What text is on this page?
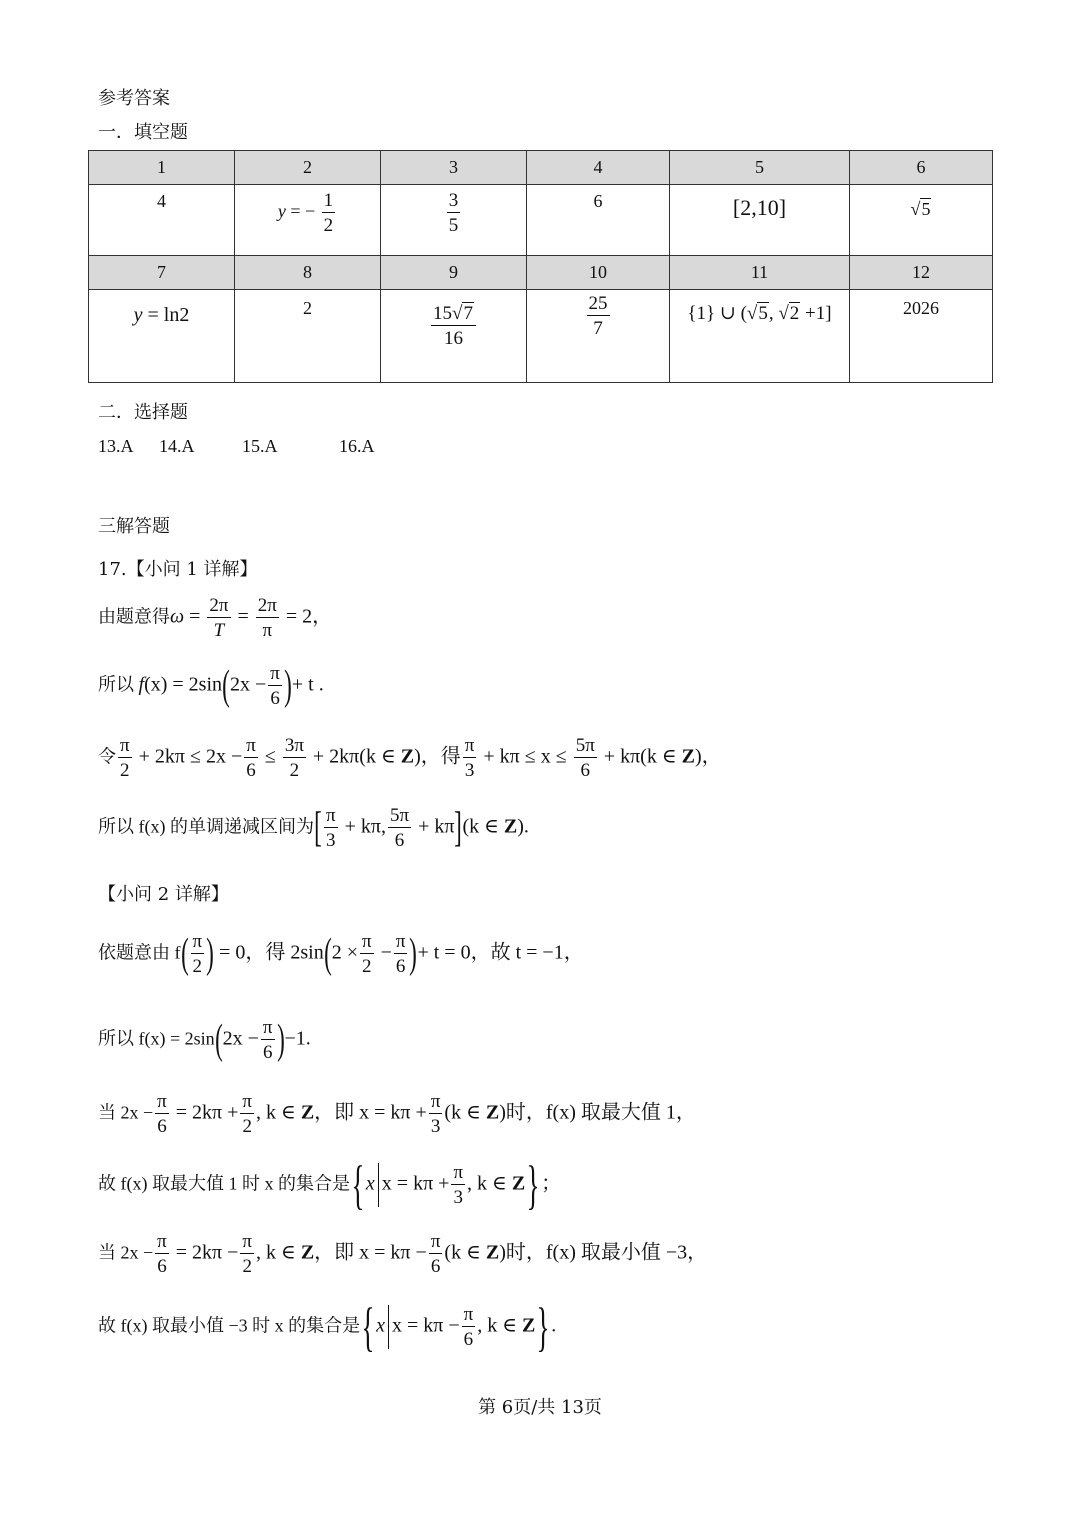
参考答案
一．填空题
1	2	3	4	5	6
4	y = − $\frac{1}{2}$	$\frac{3}{5}$	6	[2,10]	√5
7	8	9	10	11	12
y = ln2	2	$\frac{15√7}{16}$	$\frac{25}{7}$	{1} ∪ (√5, √2 +1]	2026
二．选择题
13.A 14.A	15.A	16.A
三解答题
17.【小问 1 详解】
由题意得$\omega = \frac{2\pi}{T} = \frac{2\pi}{\pi} = 2$，
所以 $f(x) = 2\sin(2x - \frac{\pi}{6}$ )+ t .
令 $\frac{\pi}{2} + 2k\pi \le 2x - \frac{\pi}{6} \le \frac{3\pi}{2} + 2k\pi(k$ ∈ Z)，得 $\frac{\pi}{3} + k\pi \le x \le \frac{5\pi}{6} + k\pi(k$ ∈ Z)，
所以 f(x) 的单调递减区间为[ $\frac{\pi}{3} + k\pi$, $\frac{5\pi}{6} + k\pi](k$ ∈ Z).
【小问 2 详解】
依题意由 $f( \frac{\pi}{2}$ ) = 0，得 $2\sin(2 \times \frac{\pi}{2} - \frac{\pi}{6}$ )+ t = 0，故 t = −1，
所以 $f(x) = 2\sin(2x - \frac{\pi}{6} )-1$.
当 $2x - \frac{\pi}{6} = 2k\pi + \frac{\pi}{2}$ , k ∈ Z，即 $x = k\pi + \frac{\pi}{3} (k$ ∈ Z)时，f(x) 取最大值 1，
故 f(x) 取最大值 1 时 x 的集合是{x $x = k\pi + \frac{\pi}{3}$ , k ∈ Z}；
当 $2x - \frac{\pi}{6} = 2k\pi - \frac{\pi}{2}$ , k ∈ Z，即 $x = k\pi - \frac{\pi}{6} (k$ ∈ Z)时，f(x) 取最小值 −3，
故 f(x) 取最小值 −3 时 x 的集合是{x $x = k\pi - \frac{\pi}{6}$ , k ∈ Z}.
第 6页/共 13页
